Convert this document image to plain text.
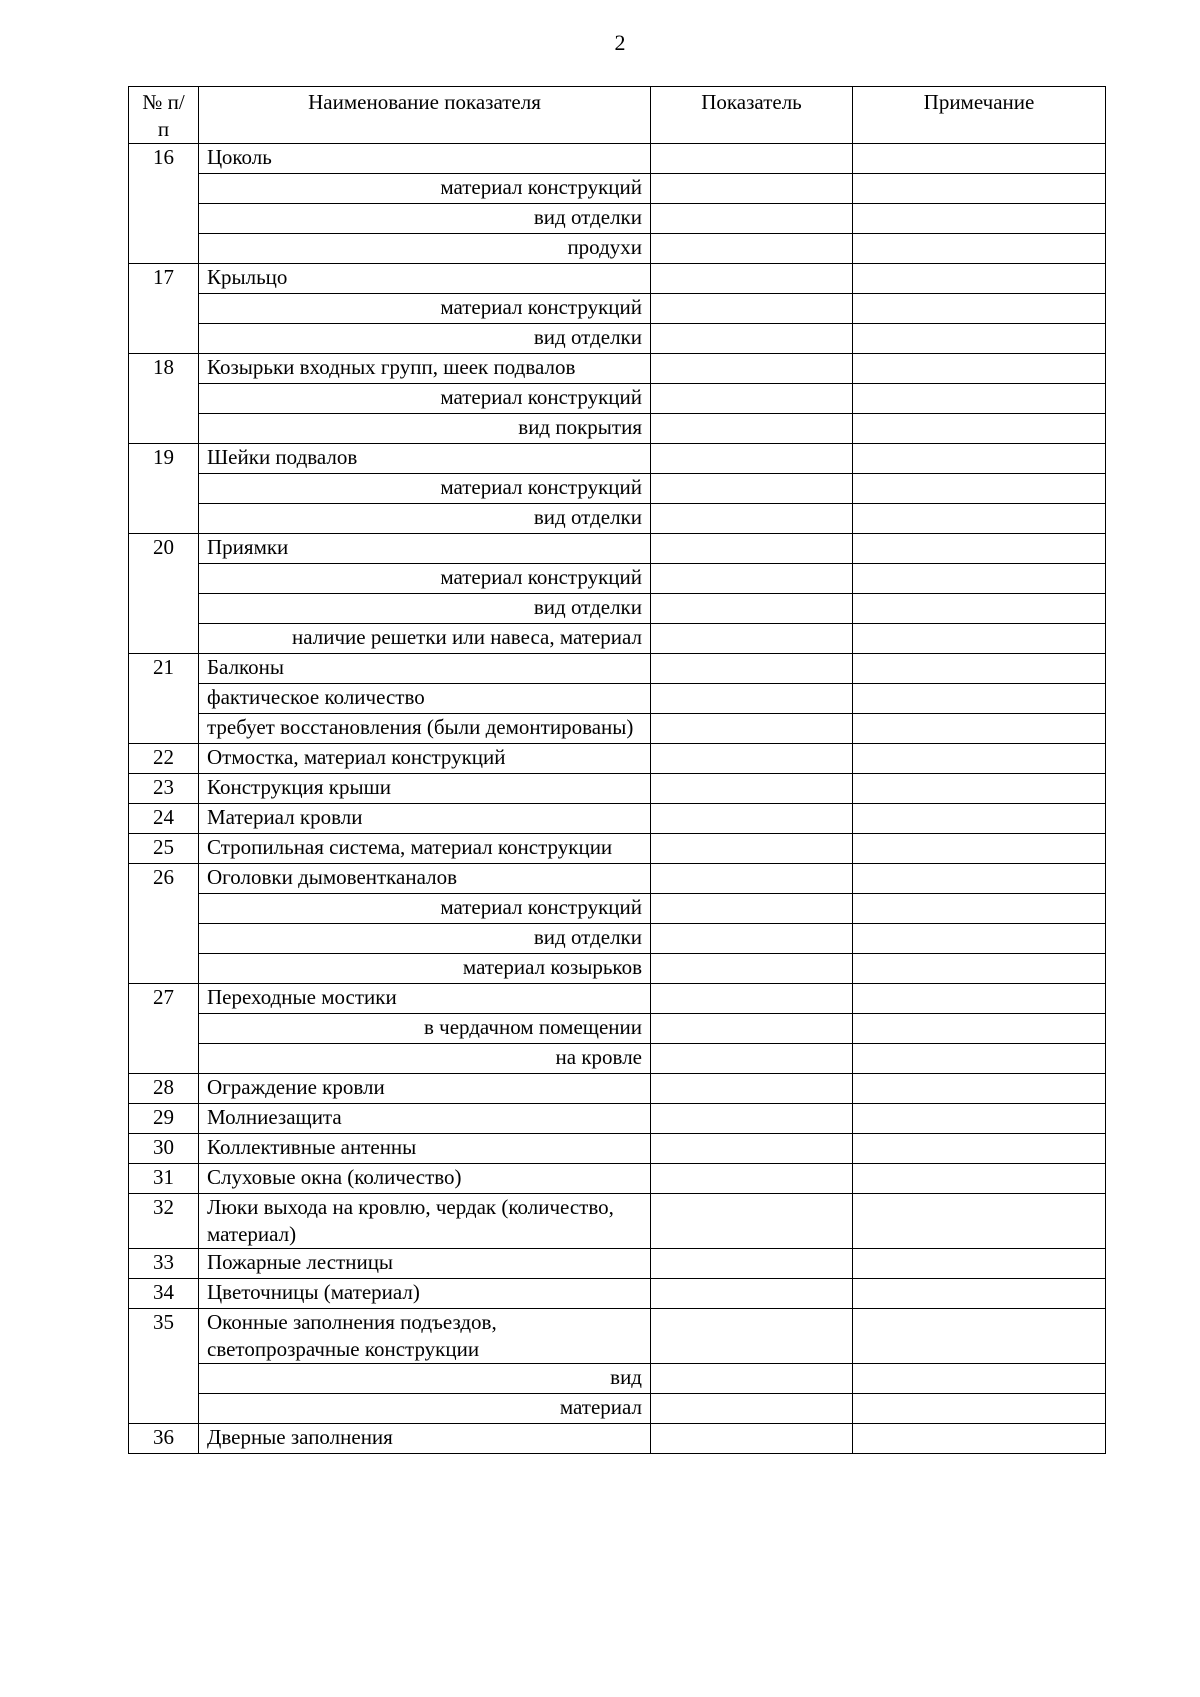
2
№ п/п	Наименование показателя	Показатель	Примечание
16	Цоколь		
	материал конструкций		
	вид отделки		
	продухи		
17	Крыльцо		
	материал конструкций		
	вид отделки		
18	Козырьки входных групп, шеек подвалов		
	материал конструкций		
	вид покрытия		
19	Шейки подвалов		
	материал конструкций		
	вид отделки		
20	Приямки		
	материал конструкций		
	вид отделки		
	наличие решетки или навеса, материал		
21	Балконы		
	фактическое количество		
	требует восстановления (были демонтированы)		
22	Отмостка, материал конструкций		
23	Конструкция крыши		
24	Материал кровли		
25	Стропильная система, материал конструкции		
26	Оголовки дымовентканалов		
	материал конструкций		
	вид отделки		
	материал козырьков		
27	Переходные мостики		
	в чердачном помещении		
	на кровле		
28	Ограждение кровли		
29	Молниезащита		
30	Коллективные антенны		
31	Слуховые окна (количество)		
32	Люки выхода на кровлю, чердак (количество, материал)		
33	Пожарные лестницы		
34	Цветочницы (материал)		
35	Оконные заполнения подъездов, светопрозрачные конструкции		
	вид		
	материал		
36	Дверные заполнения		
